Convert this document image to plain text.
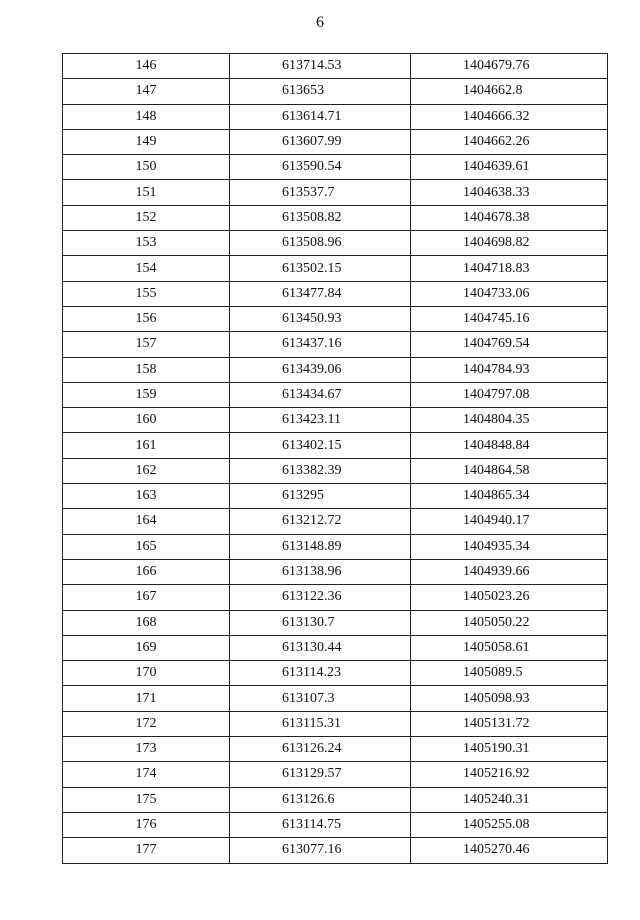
6
146	613714.53	1404679.76
147	613653	1404662.8
148	613614.71	1404666.32
149	613607.99	1404662.26
150	613590.54	1404639.61
151	613537.7	1404638.33
152	613508.82	1404678.38
153	613508.96	1404698.82
154	613502.15	1404718.83
155	613477.84	1404733.06
156	613450.93	1404745.16
157	613437.16	1404769.54
158	613439.06	1404784.93
159	613434.67	1404797.08
160	613423.11	1404804.35
161	613402.15	1404848.84
162	613382.39	1404864.58
163	613295	1404865.34
164	613212.72	1404940.17
165	613148.89	1404935.34
166	613138.96	1404939.66
167	613122.36	1405023.26
168	613130.7	1405050.22
169	613130.44	1405058.61
170	613114.23	1405089.5
171	613107.3	1405098.93
172	613115.31	1405131.72
173	613126.24	1405190.31
174	613129.57	1405216.92
175	613126.6	1405240.31
176	613114.75	1405255.08
177	613077.16	1405270.46
